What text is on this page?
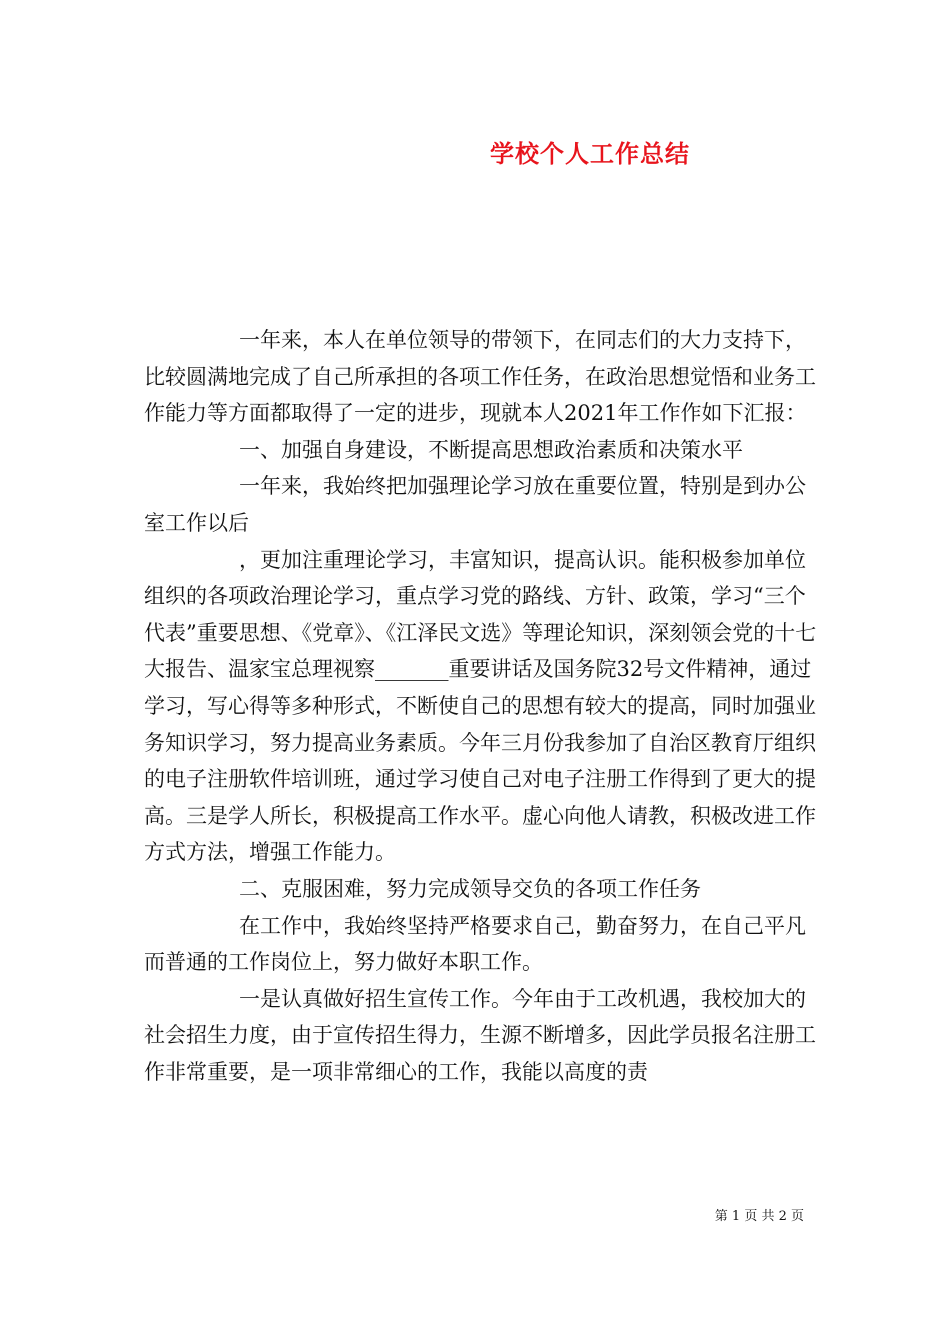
学校个人工作总结

一年来，本人在单位领导的带领下，在同志们的大力支持下，比较圆满地完成了自己所承担的各项工作任务，在政治思想觉悟和业务工作能力等方面都取得了一定的进步，现就本人2021年工作作如下汇报：

一、加强自身建设，不断提高思想政治素质和决策水平

一年来，我始终把加强理论学习放在重要位置，特别是到办公室工作以后

，更加注重理论学习，丰富知识，提高认识。能积极参加单位组织的各项政治理论学习，重点学习党的路线、方针、政策，学习“三个代表”重要思想、《党章》、《江泽民文选》等理论知识，深刻领会党的十七大报告、温家宝总理视察_______重要讲话及国务院32号文件精神，通过学习，写心得等多种形式，不断使自己的思想有较大的提高，同时加强业务知识学习，努力提高业务素质。今年三月份我参加了自治区教育厅组织的电子注册软件培训班，通过学习使自己对电子注册工作得到了更大的提高。三是学人所长，积极提高工作水平。虚心向他人请教，积极改进工作方式方法，增强工作能力。

二、克服困难，努力完成领导交负的各项工作任务

在工作中，我始终坚持严格要求自己，勤奋努力，在自己平凡而普通的工作岗位上，努力做好本职工作。

一是认真做好招生宣传工作。今年由于工改机遇，我校加大的社会招生力度，由于宣传招生得力，生源不断增多，因此学员报名注册工作非常重要，是一项非常细心的工作，我能以高度的责

第 1 页 共 2 页
